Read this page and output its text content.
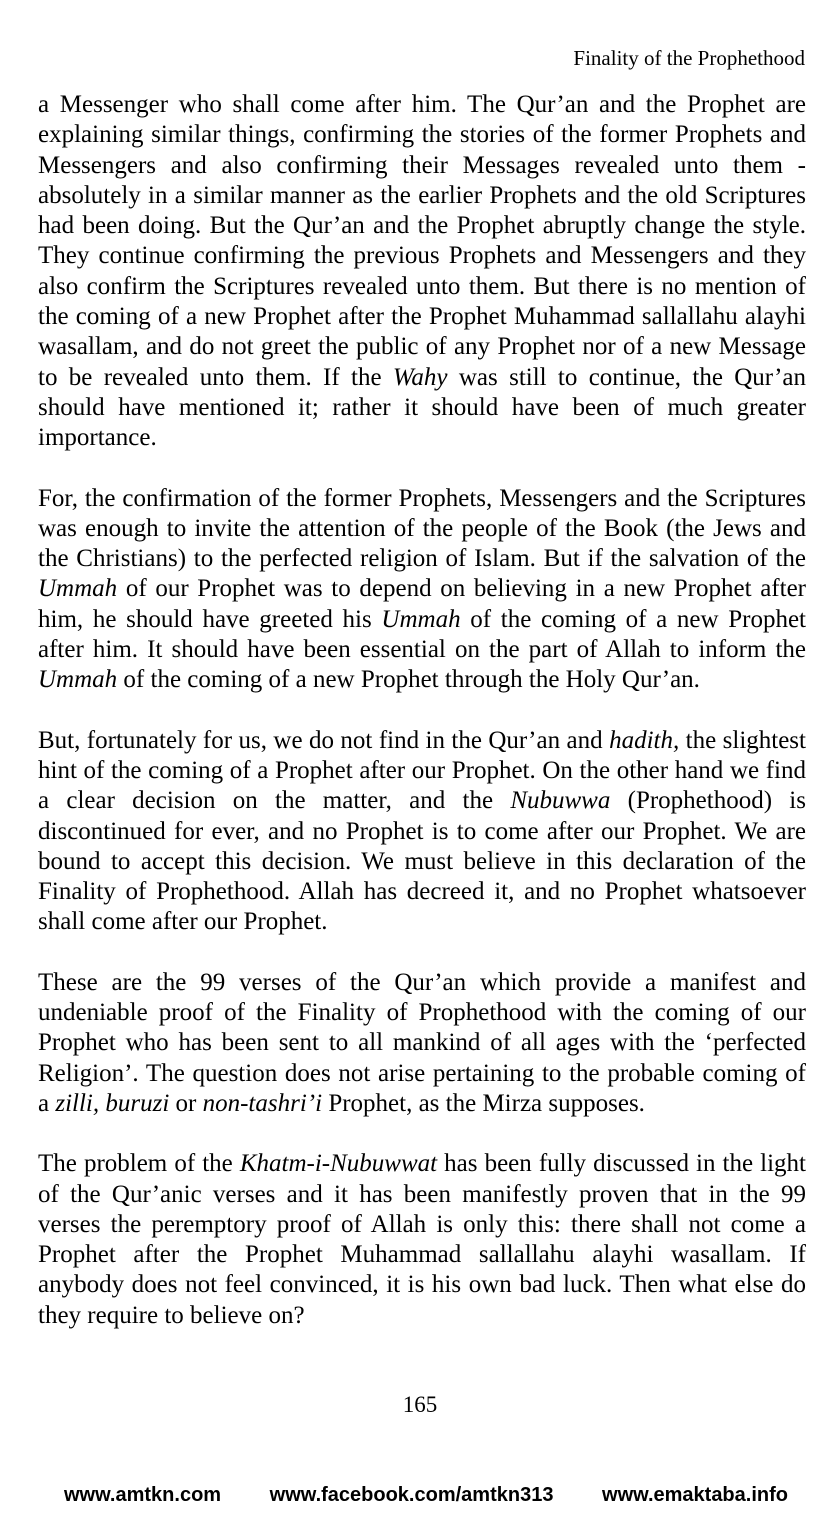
Finality of the Prophethood

a Messenger who shall come after him. The Qur’an and the Prophet are explaining similar things, confirming the stories of the former Prophets and Messengers and also confirming their Messages revealed unto them - absolutely in a similar manner as the earlier Prophets and the old Scriptures had been doing. But the Qur’an and the Prophet abruptly change the style. They continue confirming the previous Prophets and Messengers and they also confirm the Scriptures revealed unto them. But there is no mention of the coming of a new Prophet after the Prophet Muhammad sallallahu alayhi wasallam, and do not greet the public of any Prophet nor of a new Message to be revealed unto them. If the Wahy was still to continue, the Qur’an should have mentioned it; rather it should have been of much greater importance.

For, the confirmation of the former Prophets, Messengers and the Scriptures was enough to invite the attention of the people of the Book (the Jews and the Christians) to the perfected religion of Islam. But if the salvation of the Ummah of our Prophet was to depend on believing in a new Prophet after him, he should have greeted his Ummah of the coming of a new Prophet after him. It should have been essential on the part of Allah to inform the Ummah of the coming of a new Prophet through the Holy Qur’an.

But, fortunately for us, we do not find in the Qur’an and hadith, the slightest hint of the coming of a Prophet after our Prophet. On the other hand we find a clear decision on the matter, and the Nubuwwa (Prophethood) is discontinued for ever, and no Prophet is to come after our Prophet. We are bound to accept this decision. We must believe in this declaration of the Finality of Prophethood. Allah has decreed it, and no Prophet whatsoever shall come after our Prophet.

These are the 99 verses of the Qur’an which provide a manifest and undeniable proof of the Finality of Prophethood with the coming of our Prophet who has been sent to all mankind of all ages with the ‘perfected Religion’. The question does not arise pertaining to the probable coming of a zilli, buruzi or non-tashri’i Prophet, as the Mirza supposes.

The problem of the Khatm-i-Nubuwwat has been fully discussed in the light of the Qur’anic verses and it has been manifestly proven that in the 99 verses the peremptory proof of Allah is only this: there shall not come a Prophet after the Prophet Muhammad sallallahu alayhi wasallam. If anybody does not feel convinced, it is his own bad luck. Then what else do they require to believe on?

165
www.amtkn.com www.facebook.com/amtkn313 www.emaktaba.info
